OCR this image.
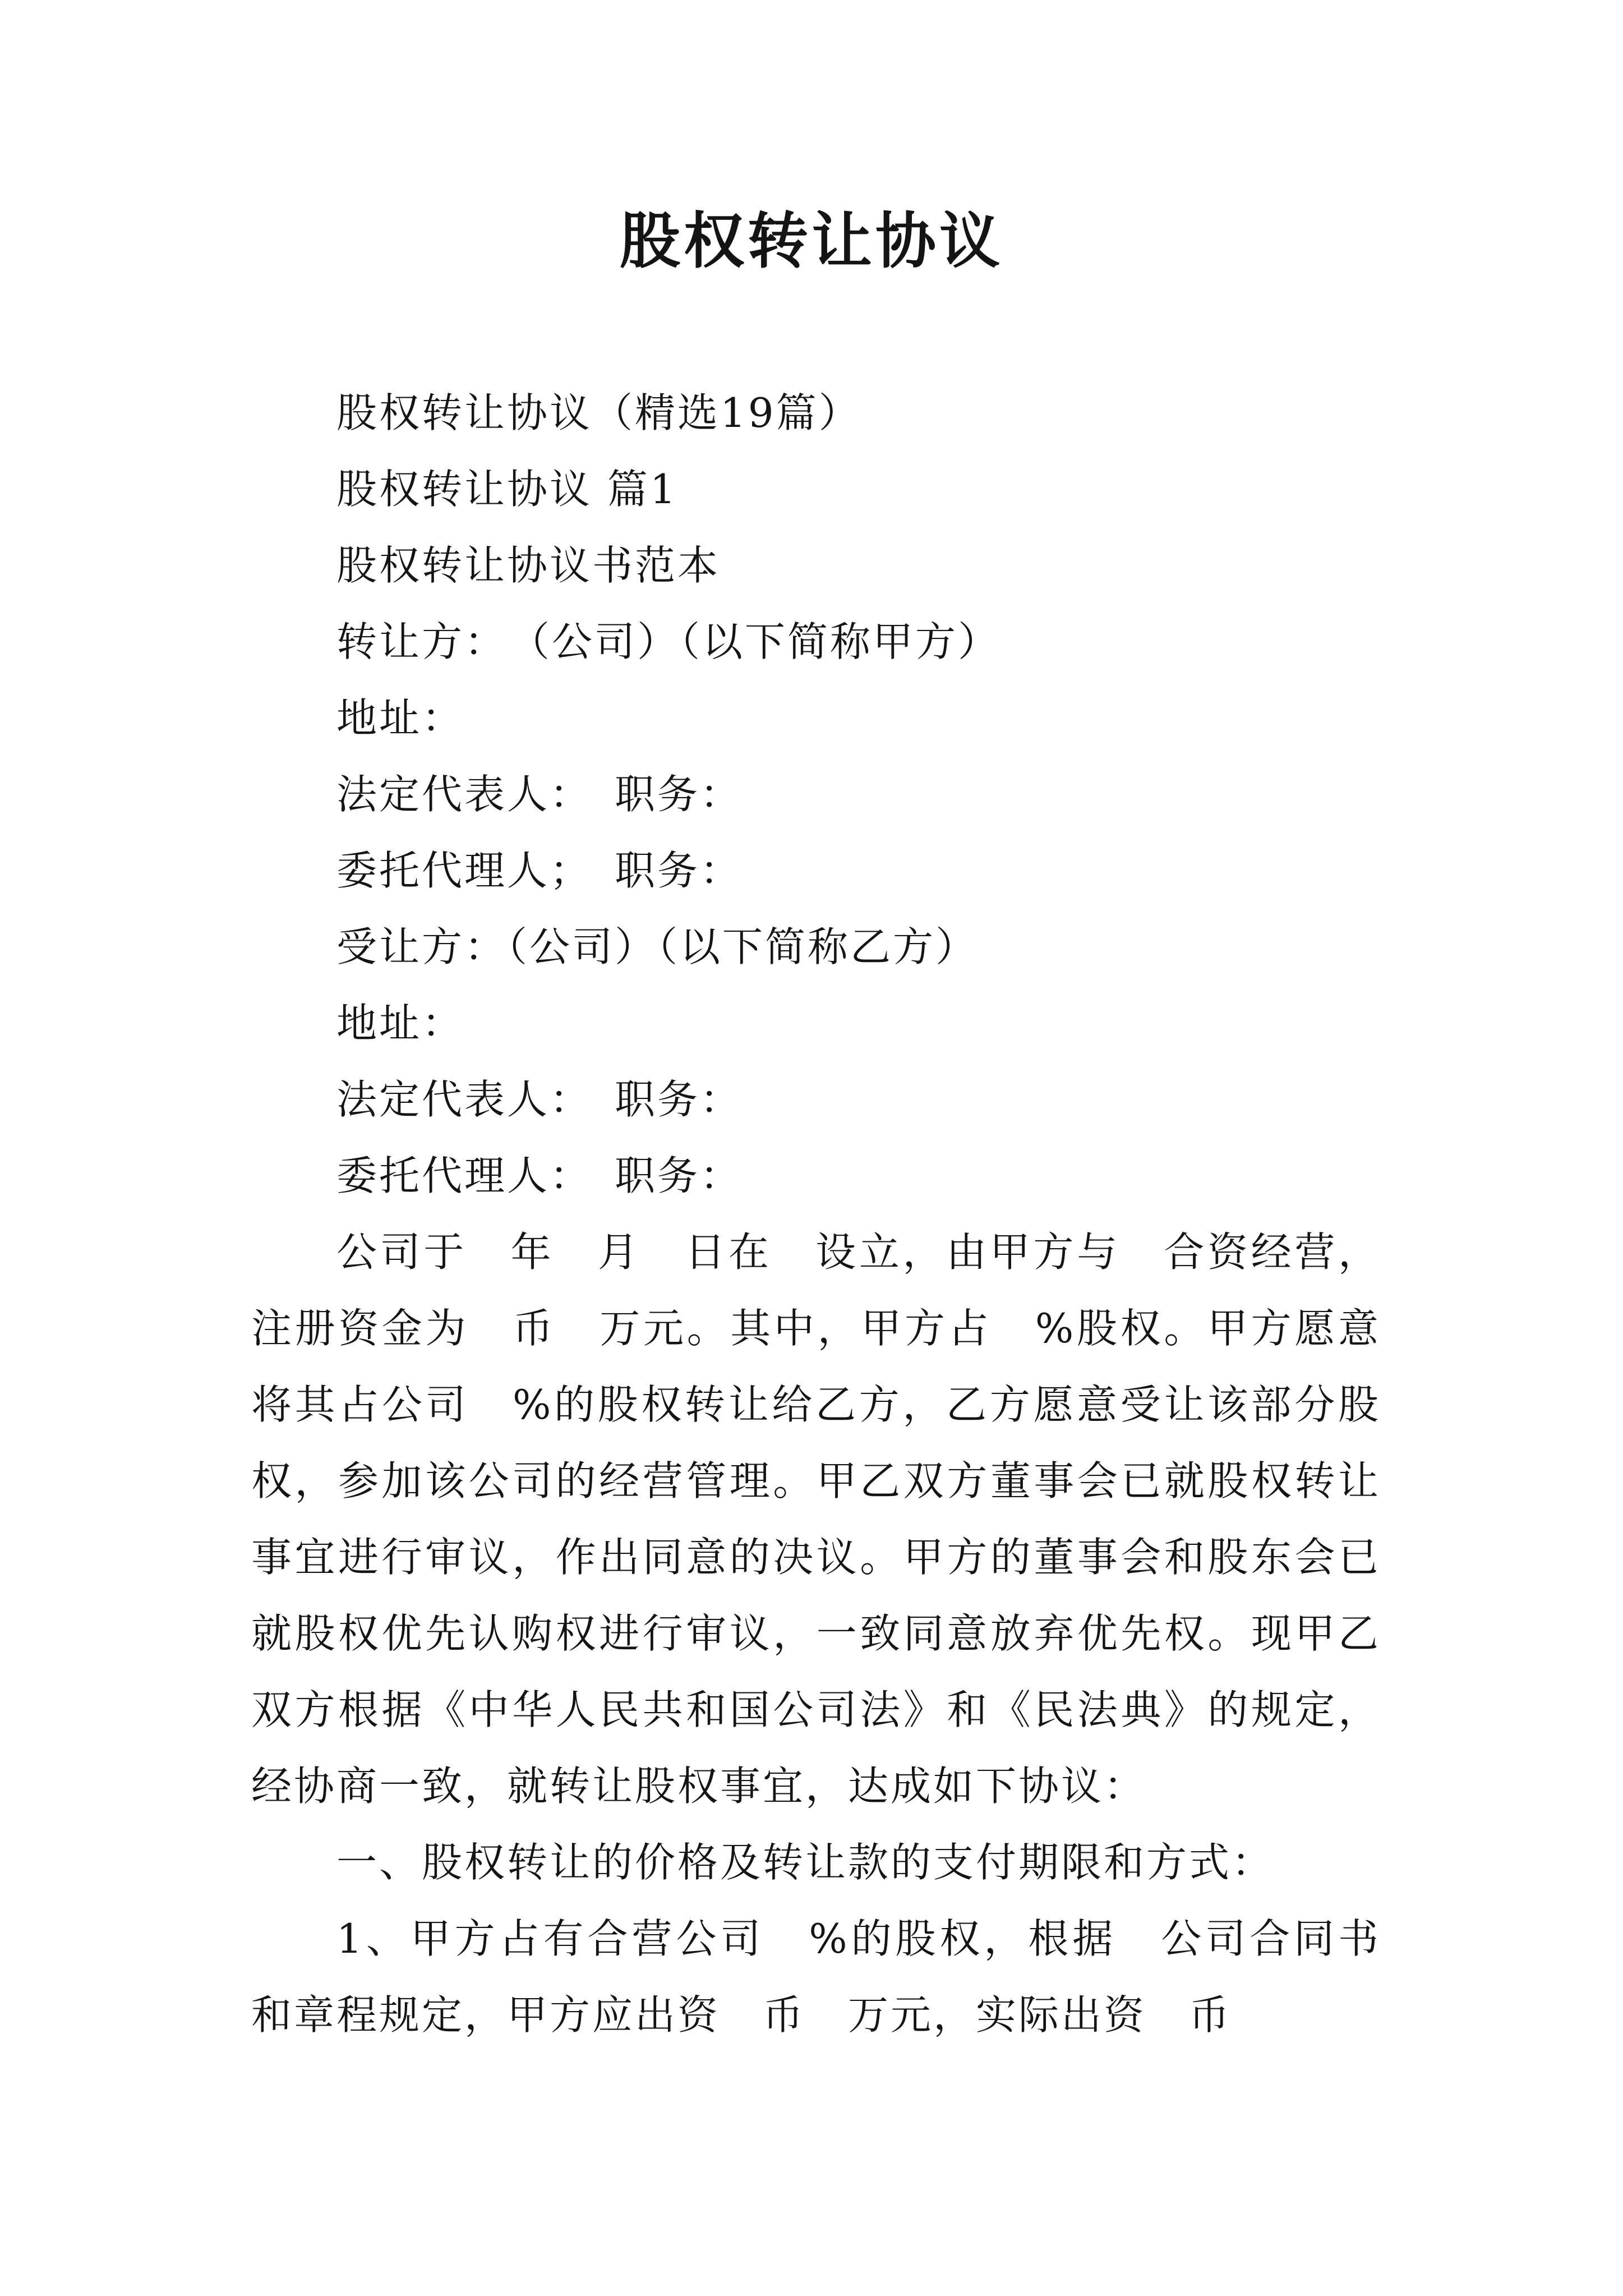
股权转让协议

股权转让协议（精选19篇）

股权转让协议 篇1

股权转让协议书范本

转让方：　（公司）（以下简称甲方）

地址：

法定代表人：　职务：

委托代理人；　职务：

受让方：（公司）（以下简称乙方）

地址：

法定代表人：　职务：

委托代理人：　职务：

公司于　年　月　日在　设立，由甲方与　合资经营，注册资金为　币　万元。其中，甲方占　%股权。甲方愿意将其占公司　%的股权转让给乙方，乙方愿意受让该部分股权，参加该公司的经营管理。甲乙双方董事会已就股权转让事宜进行审议，作出同意的决议。甲方的董事会和股东会已就股权优先认购权进行审议，一致同意放弃优先权。现甲乙双方根据《中华人民共和国公司法》和《民法典》的规定，经协商一致，就转让股权事宜，达成如下协议：

一、股权转让的价格及转让款的支付期限和方式：

1、甲方占有合营公司　%的股权，根据　公司合同书和章程规定，甲方应出资　币　万元，实际出资　币
